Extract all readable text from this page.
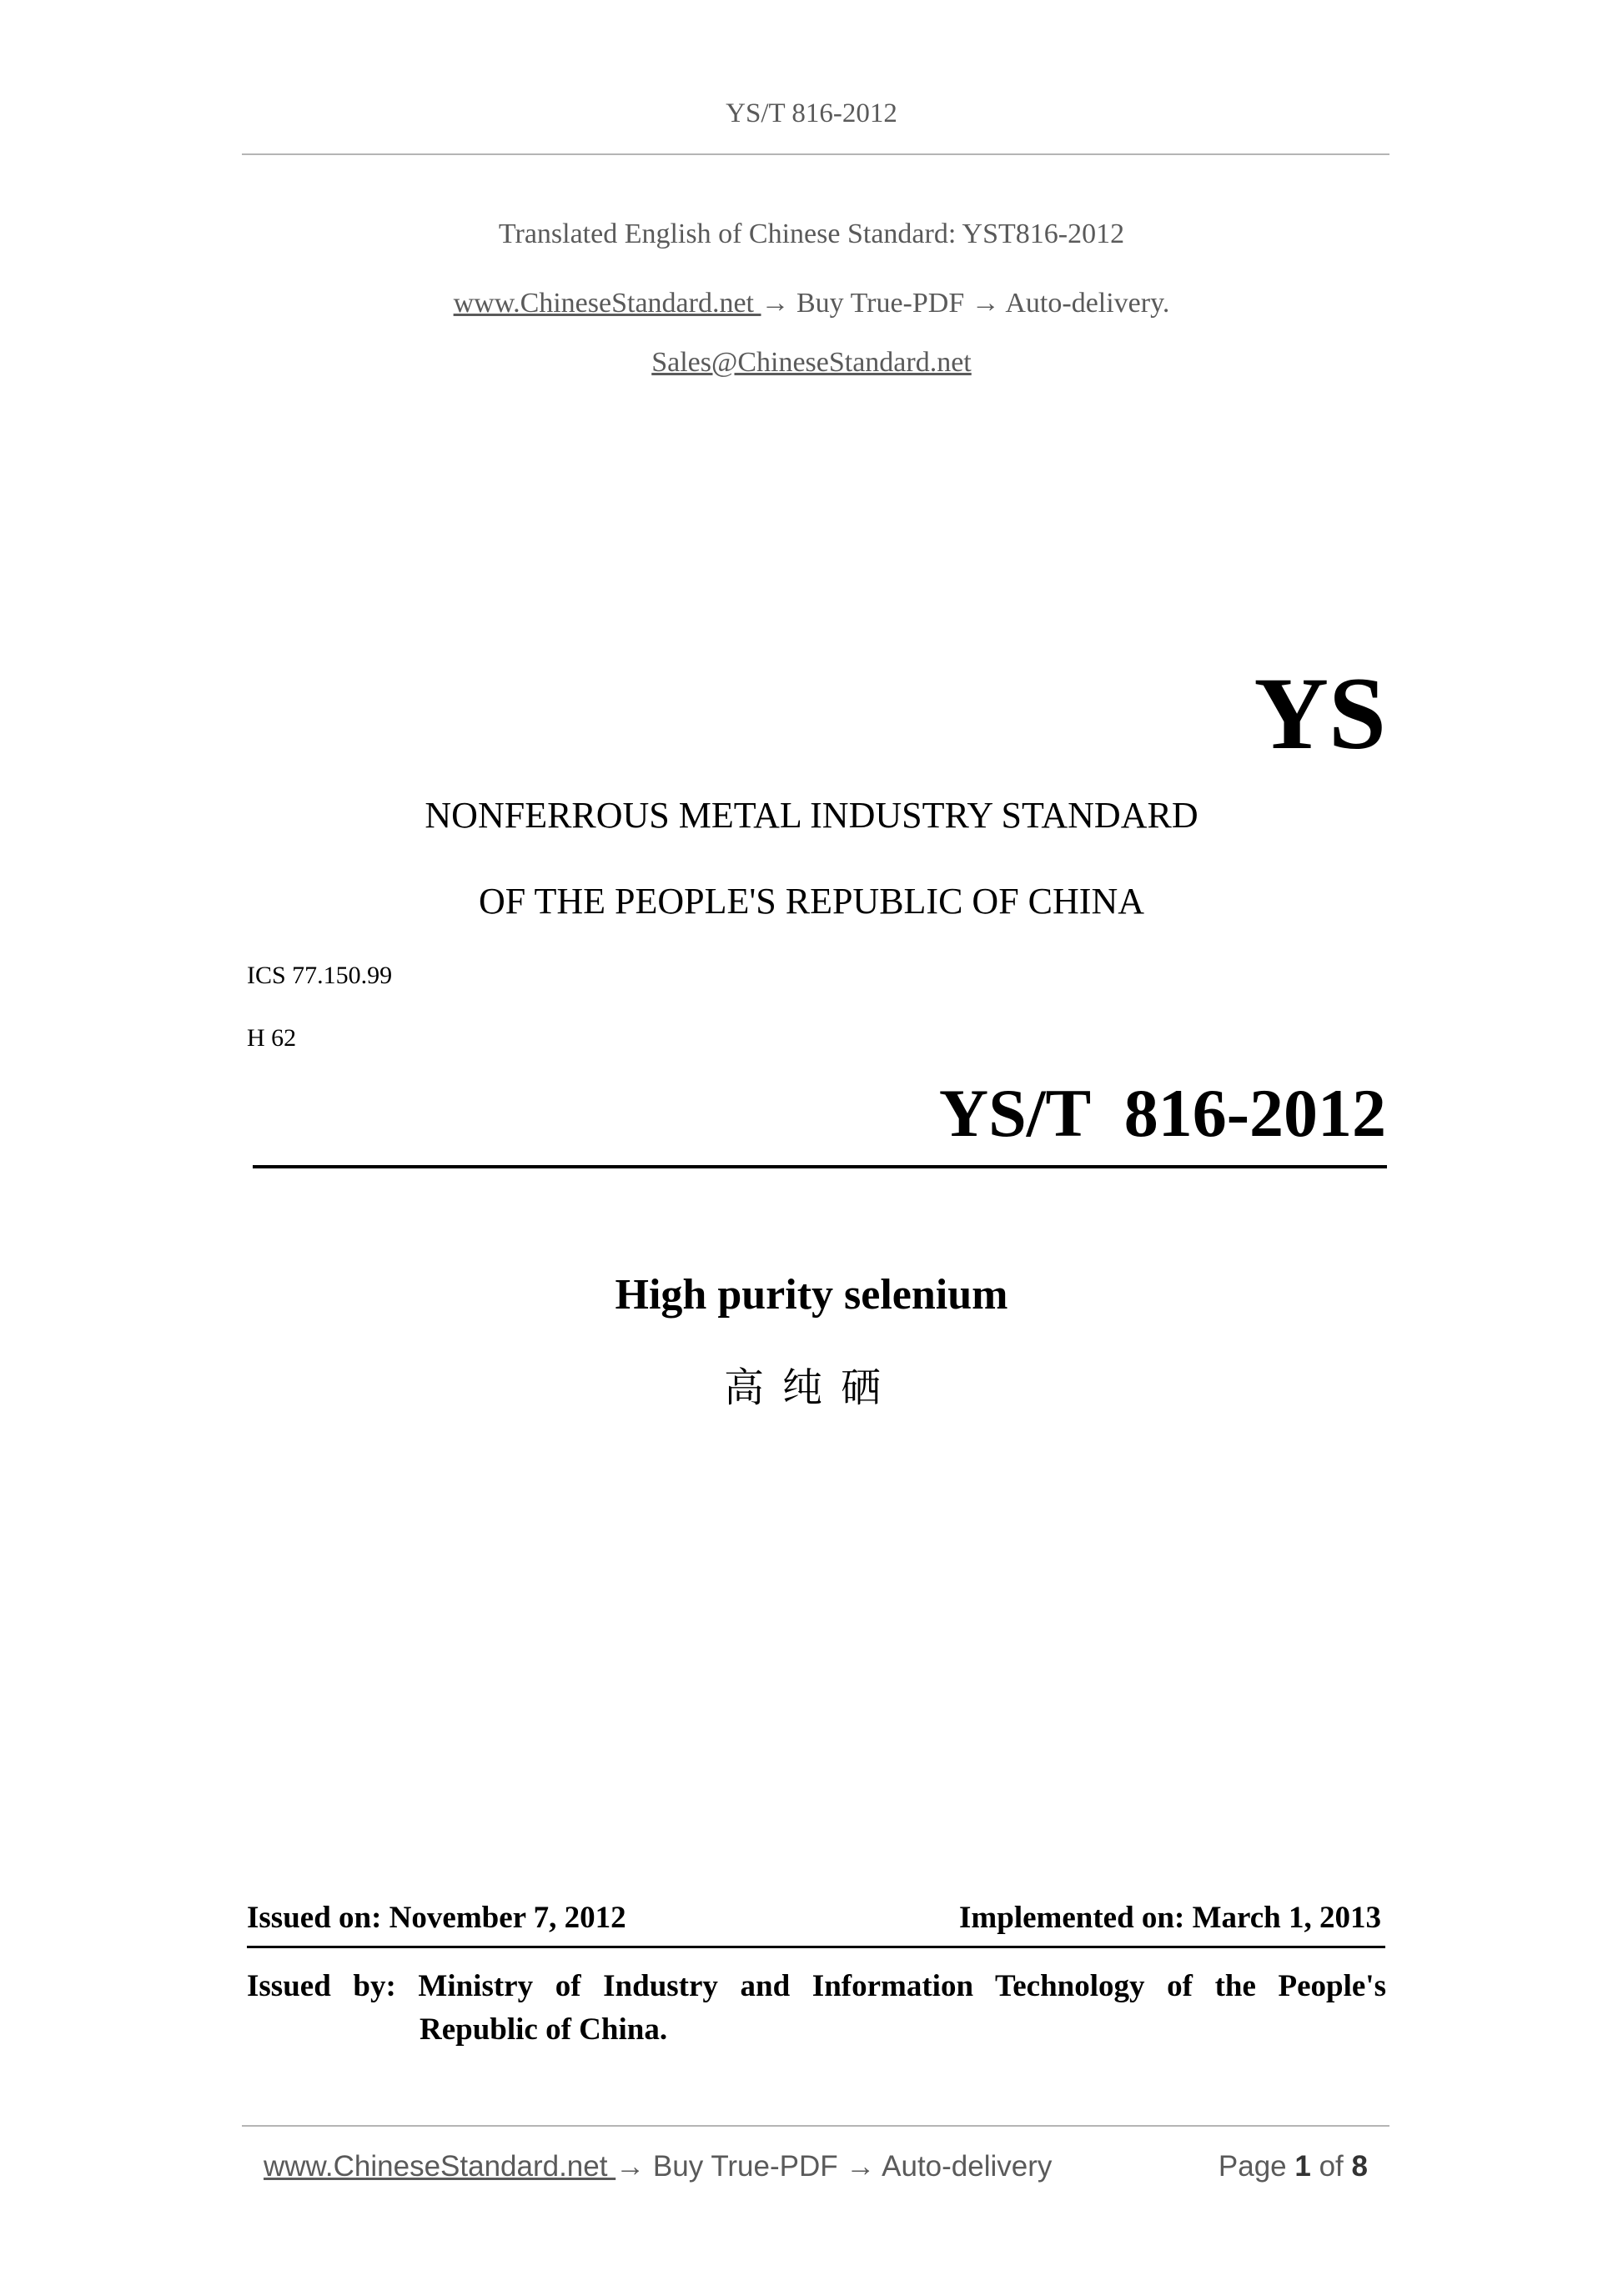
YS/T 816-2012
Translated English of Chinese Standard: YST816-2012
www.ChineseStandard.net → Buy True-PDF → Auto-delivery.
Sales@ChineseStandard.net
YS
NONFERROUS METAL INDUSTRY STANDARD
OF THE PEOPLE'S REPUBLIC OF CHINA
ICS 77.150.99
H 62
YS/T  816-2012
High purity selenium
高纯硒
Issued on: November 7, 2012	Implemented on: March 1, 2013
Issued by: Ministry of Industry and Information Technology of the People's
Republic of China.
www.ChineseStandard.net → Buy True-PDF → Auto-delivery	Page 1 of 8
